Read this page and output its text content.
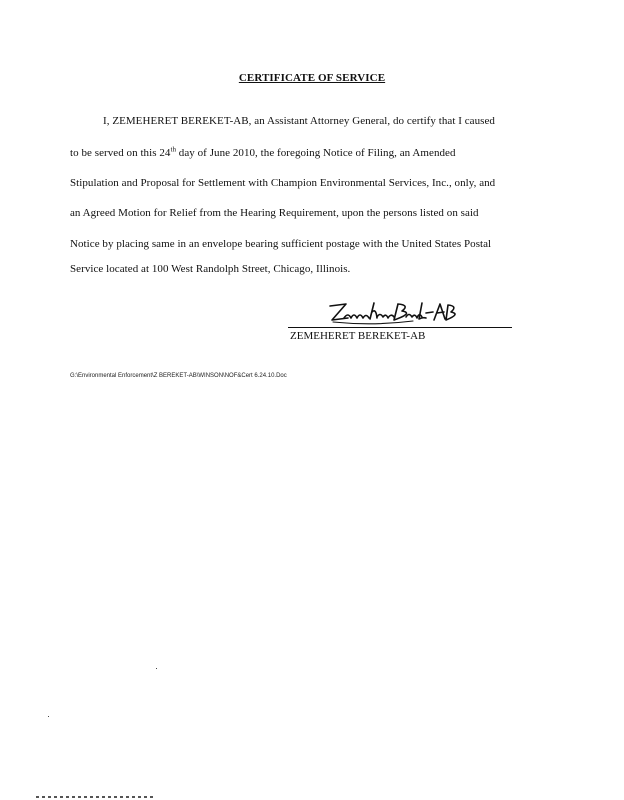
CERTIFICATE OF SERVICE
I, ZEMEHERET BEREKET-AB, an Assistant Attorney General, do certify that I caused
to be served on this 24th day of June 2010, the foregoing Notice of Filing, an Amended
Stipulation and Proposal for Settlement with Champion Environmental Services, Inc., only, and
an Agreed Motion for Relief from the Hearing Requirement, upon the persons listed on said
Notice by placing same in an envelope bearing sufficient postage with the United States Postal
Service located at 100 West Randolph Street, Chicago, Illinois.
ZEMEHERET BEREKET-AB
G:\Environmental Enforcement\Z BEREKET-AB\WINSON\NOF&Cert 6.24.10.Doc
